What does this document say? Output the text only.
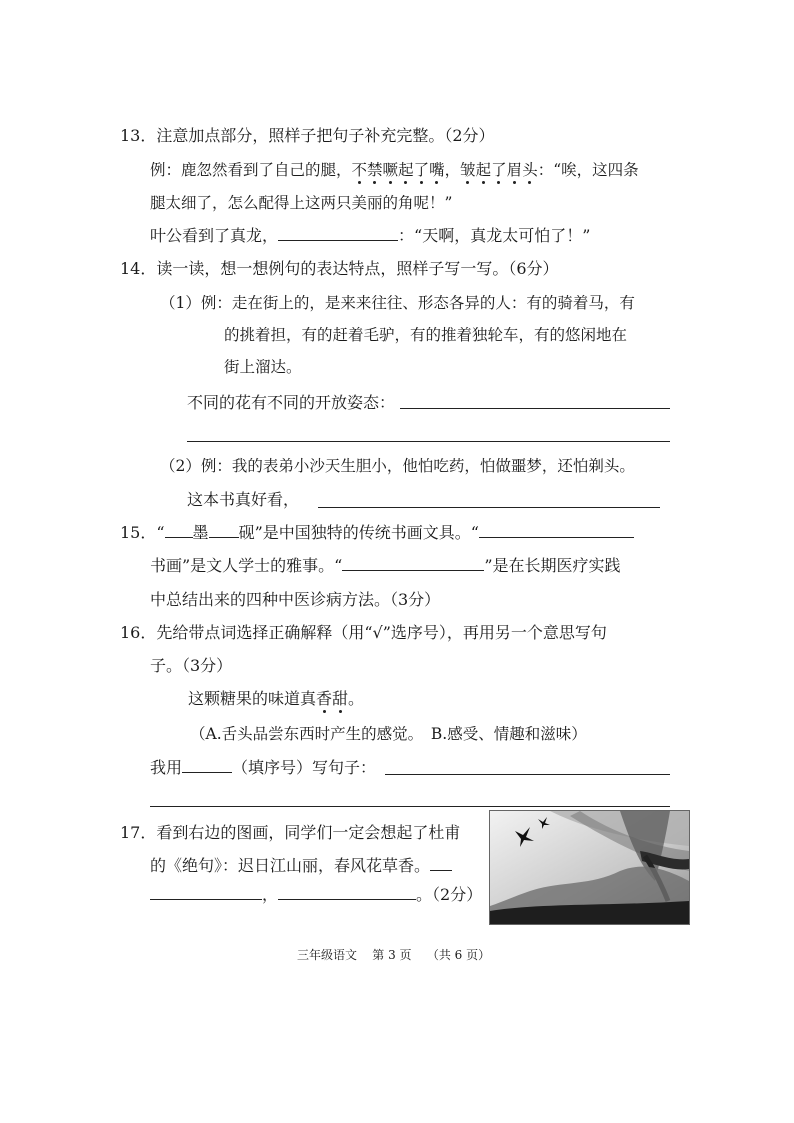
13．注意加点部分，照样子把句子补充完整。（2分）
例：鹿忽然看到了自己的腿，不禁噘起了嘴，皱起了眉头：“唉，这四条
腿太细了，怎么配得上这两只美丽的角呢！”
叶公看到了真龙，	：“天啊，真龙太可怕了！”
14．读一读，想一想例句的表达特点，照样子写一写。（6分）
（1）例：走在街上的，是来来往往、形态各异的人：有的骑着马，有
的挑着担，有的赶着毛驴，有的推着独轮车，有的悠闲地在
街上溜达。
不同的花有不同的开放姿态：
（2）例：我的表弟小沙天生胆小，他怕吃药，怕做噩梦，还怕剃头。
这本书真好看，
15．“ 墨 砚”是中国独特的传统书画文具。“
书画”是文人学士的雅事。“	”是在长期医疗实践
中总结出来的四种中医诊病方法。（3分）
16．先给带点词选择正确解释（用“√”选序号），再用另一个意思写句
子。（3分）
这颗糖果的味道真香甜。
（A.舌头品尝东西时产生的感觉。　B.感受、情趣和滋味）
我用	（填序号）写句子：
17．看到右边的图画，同学们一定会想起了杜甫
的《绝句》：迟日江山丽，春风花草香。
，	。（2分）
三年级语文 第 3 页 （共 6 页）
